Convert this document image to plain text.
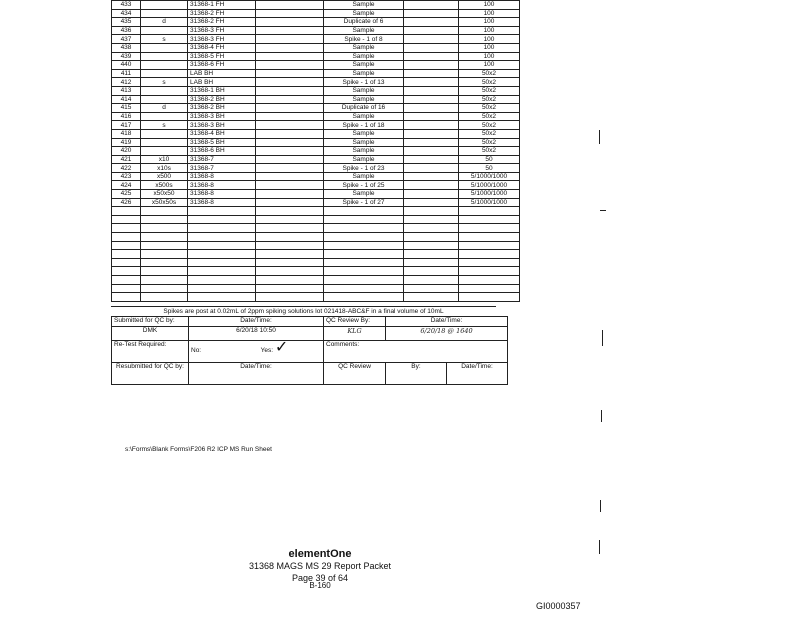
433		31368-1 FH		Sample		100
434		31368-2 FH		Sample		100
435	d	31368-2 FH		Duplicate of 6		100
436		31368-3 FH		Sample		100
437	s	31368-3 FH		Spike - 1 of 8		100
438		31368-4 FH		Sample		100
439		31368-5 FH		Sample		100
440		31368-6 FH		Sample		100
411		LAB BH		Sample		50x2
412	s	LAB BH		Spike - 1 of 13		50x2
413		31368-1 BH		Sample		50x2
414		31368-2 BH		Sample		50x2
415	d	31368-2 BH		Duplicate of 16		50x2
416		31368-3 BH		Sample		50x2
417	s	31368-3 BH		Spike - 1 of 18		50x2
418		31368-4 BH		Sample		50x2
419		31368-5 BH		Sample		50x2
420		31368-6 BH		Sample		50x2
421	x10	31368-7		Sample		50
422	x10s	31368-7		Spike - 1 of 23		50
423	x500	31368-8		Sample		5/1000/1000
424	x500s	31368-8		Spike - 1 of 25		5/1000/1000
425	x50x50	31368-8		Sample		5/1000/1000
426	x50x50s	31368-8		Spike - 1 of 27		5/1000/1000

Spikes are post at 0.02mL of 2ppm spiking solutions lot 021418-ABC&F in a final volume of 10mL
Submitted for QC by:	Date/Time:	QC Review By:	Date/Time:	
DMK	6/20/18 10:50	KLG	6/20/18 @ 1640	
Re-Test Required:	No: Yes: ✓	Comments:		
Resubmitted for QC by:	Date/Time:	QC Review	By:	Date/Time:
s:\Forms\Blank Forms\F206 R2 ICP MS Run Sheet
elementOne
31368 MAGS MS 29 Report Packet
Page 39 of 64
B-160
GI0000357
